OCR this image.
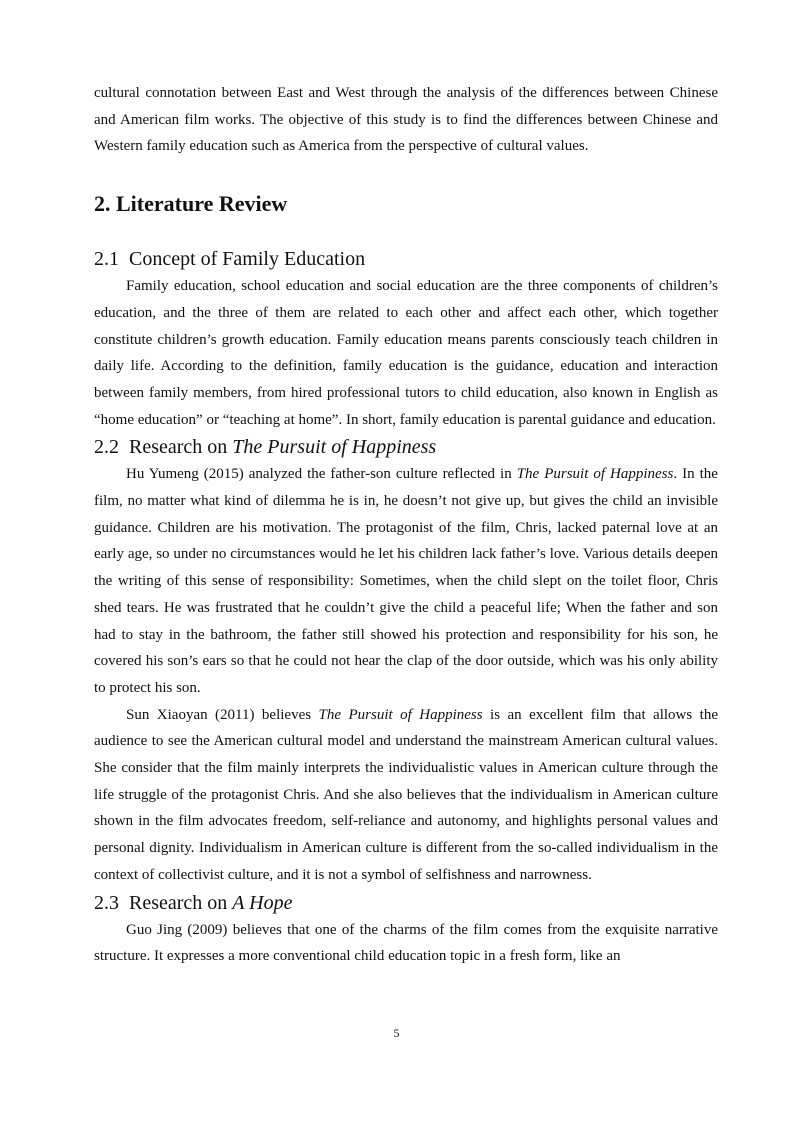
cultural connotation between East and West through the analysis of the differences between Chinese and American film works. The objective of this study is to find the differences between Chinese and Western family education such as America from the perspective of cultural values.

2. Literature Review
2.1 Concept of Family Education

Family education, school education and social education are the three components of children’s education, and the three of them are related to each other and affect each other, which together constitute children’s growth education. Family education means parents consciously teach children in daily life. According to the definition, family education is the guidance, education and interaction between family members, from hired professional tutors to child education, also known in English as “home education” or “teaching at home”. In short, family education is parental guidance and education.

2.2 Research on The Pursuit of Happiness

Hu Yumeng (2015) analyzed the father-son culture reflected in The Pursuit of Happiness. In the film, no matter what kind of dilemma he is in, he doesn’t not give up, but gives the child an invisible guidance. Children are his motivation. The protagonist of the film, Chris, lacked paternal love at an early age, so under no circumstances would he let his children lack father’s love. Various details deepen the writing of this sense of responsibility: Sometimes, when the child slept on the toilet floor, Chris shed tears. He was frustrated that he couldn’t give the child a peaceful life; When the father and son had to stay in the bathroom, the father still showed his protection and responsibility for his son, he covered his son’s ears so that he could not hear the clap of the door outside, which was his only ability to protect his son.

Sun Xiaoyan (2011) believes The Pursuit of Happiness is an excellent film that allows the audience to see the American cultural model and understand the mainstream American cultural values. She consider that the film mainly interprets the individualistic values in American culture through the life struggle of the protagonist Chris. And she also believes that the individualism in American culture shown in the film advocates freedom, self-reliance and autonomy, and highlights personal values and personal dignity. Individualism in American culture is different from the so-called individualism in the context of collectivist culture, and it is not a symbol of selfishness and narrowness.

2.3 Research on A Hope

Guo Jing (2009) believes that one of the charms of the film comes from the exquisite narrative structure. It expresses a more conventional child education topic in a fresh form, like an

5
